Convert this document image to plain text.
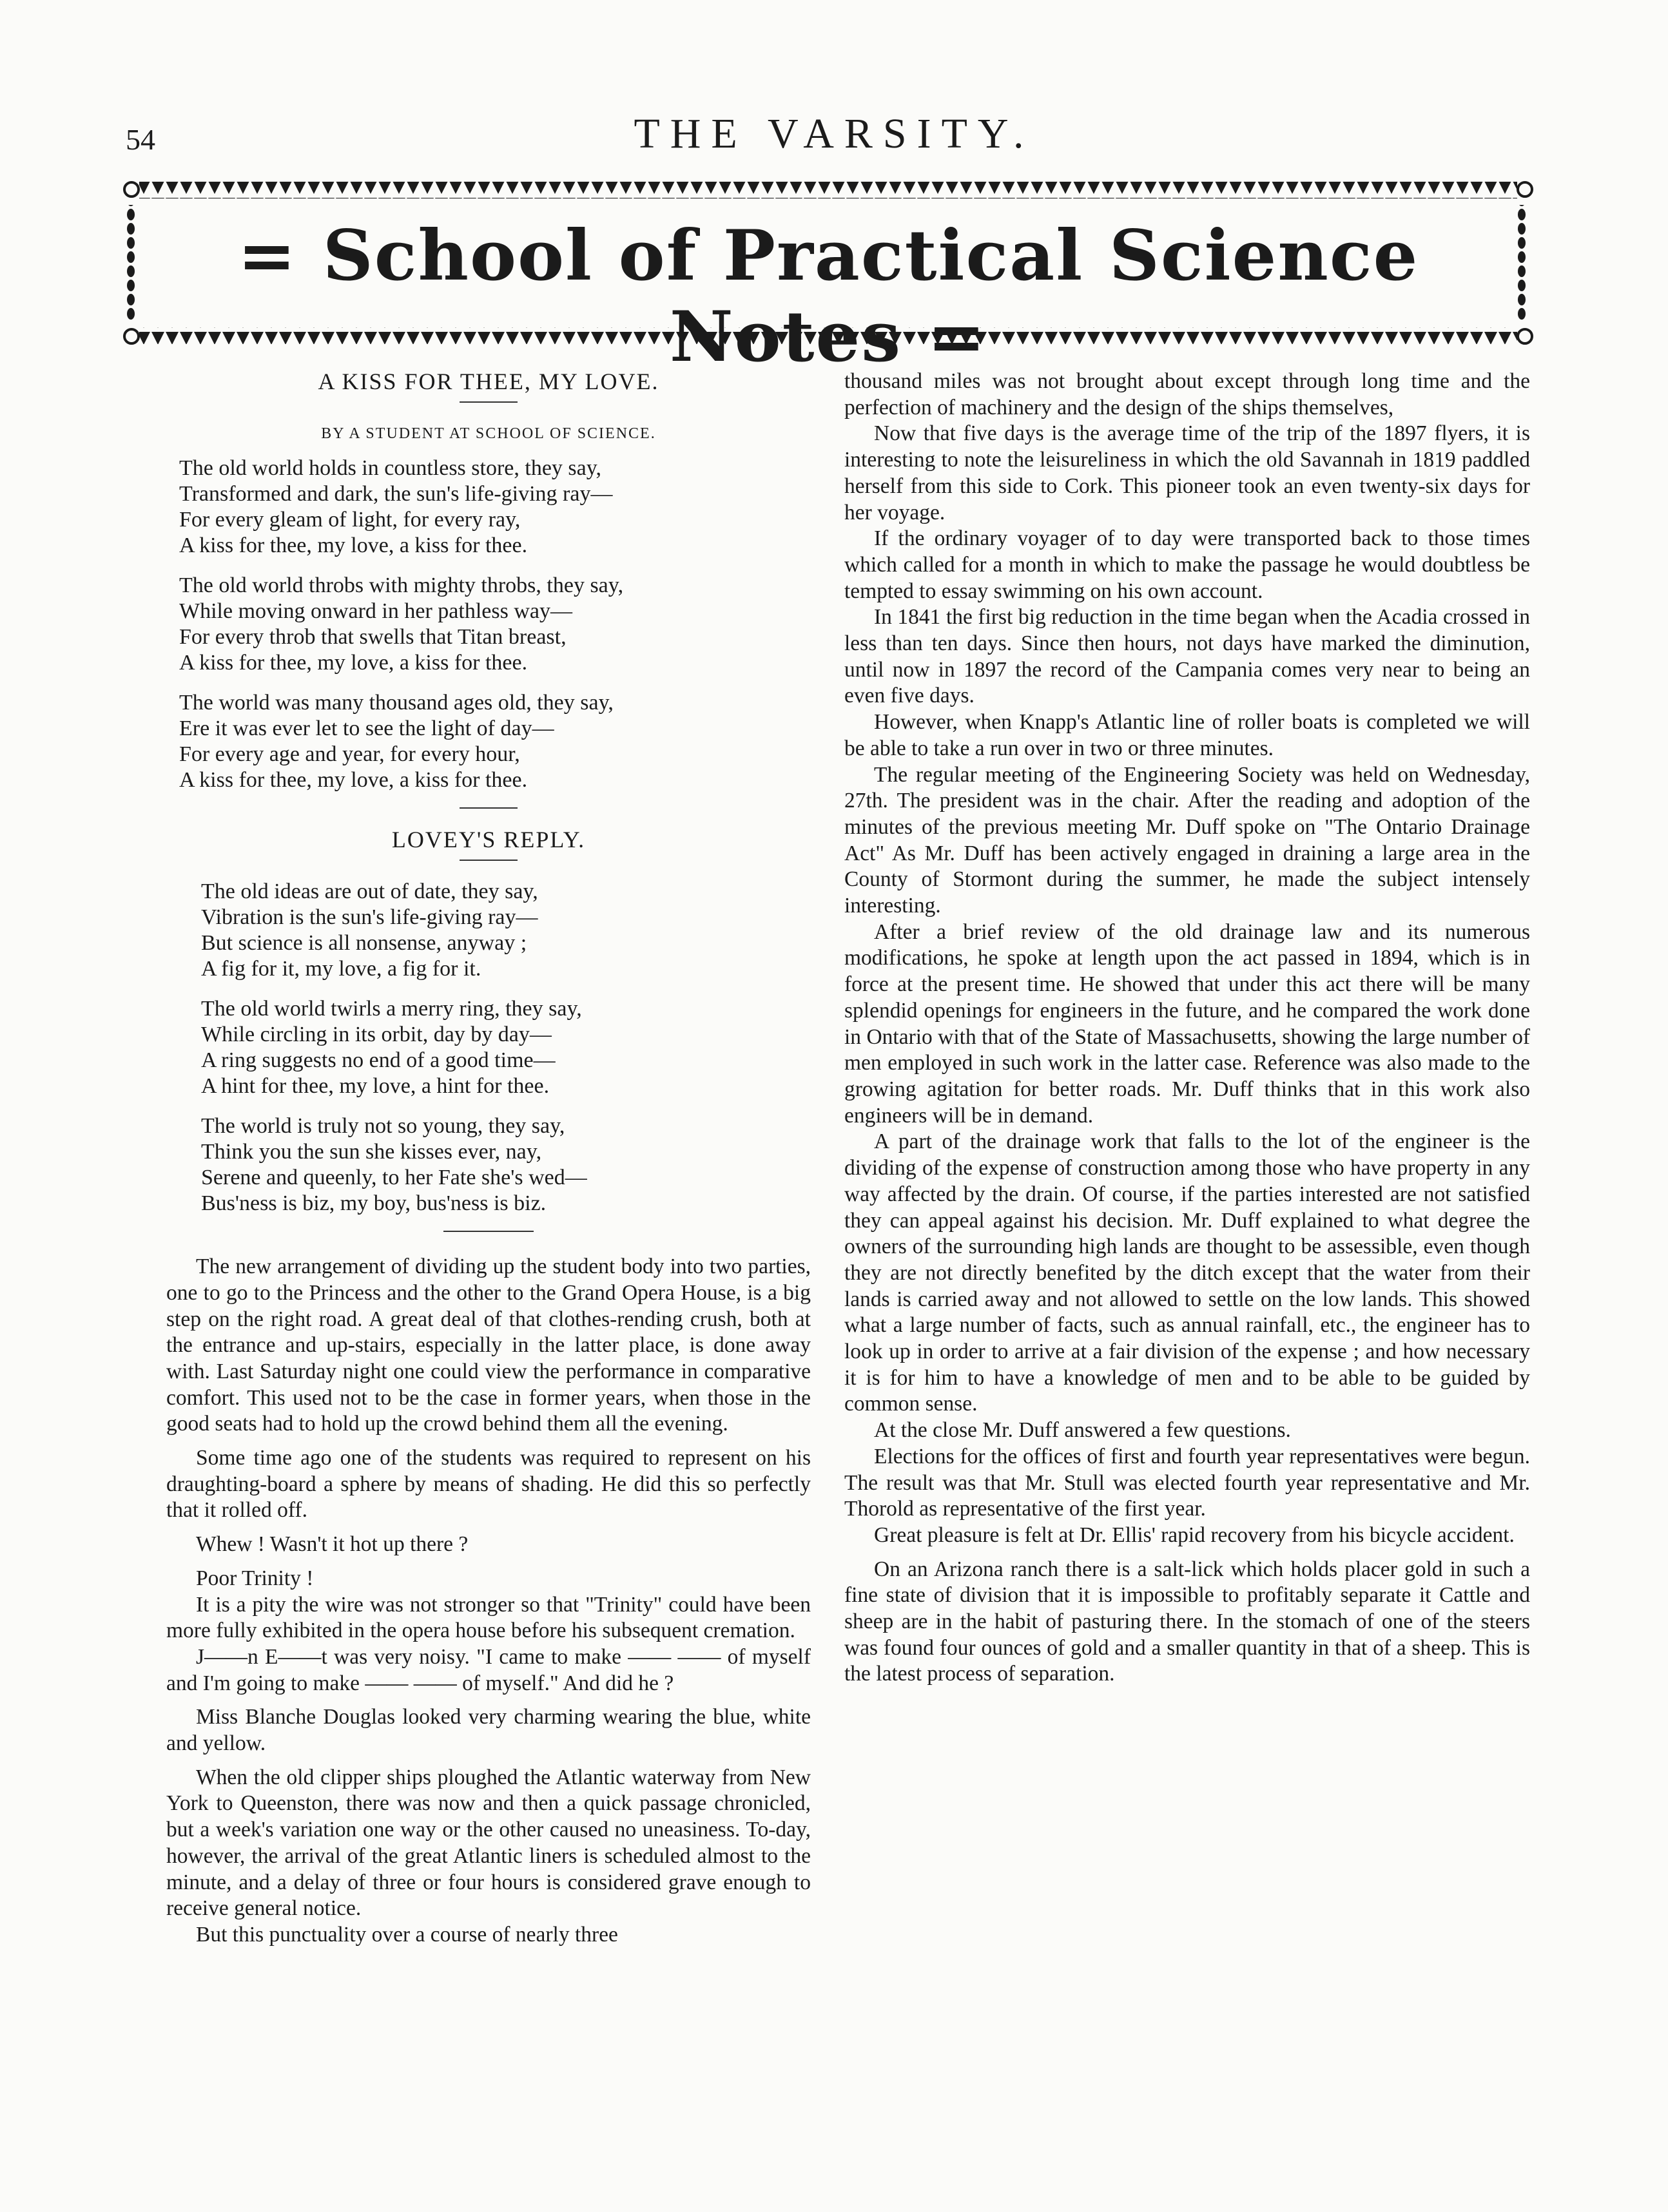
54	THE VARSITY.
= School of Practical Science Notes =
A KISS FOR THEE, MY LOVE.
BY A STUDENT AT SCHOOL OF SCIENCE.
The old world holds in countless store, they say,
Transformed and dark, the sun's life-giving ray—
For every gleam of light, for every ray,
A kiss for thee, my love, a kiss for thee.
The old world throbs with mighty throbs, they say,
While moving onward in her pathless way—
For every throb that swells that Titan breast,
A kiss for thee, my love, a kiss for thee.
The world was many thousand ages old, they say,
Ere it was ever let to see the light of day—
For every age and year, for every hour,
A kiss for thee, my love, a kiss for thee.
LOVEY'S REPLY.
The old ideas are out of date, they say,
Vibration is the sun's life-giving ray—
But science is all nonsense, anyway ;
A fig for it, my love, a fig for it.
The old world twirls a merry ring, they say,
While circling in its orbit, day by day—
A ring suggests no end of a good time—
A hint for thee, my love, a hint for thee.
The world is truly not so young, they say,
Think you the sun she kisses ever, nay,
Serene and queenly, to her Fate she's wed—
Bus'ness is biz, my boy, bus'ness is biz.

The new arrangement of dividing up the student body into two parties, one to go to the Princess and the other to the Grand Opera House, is a big step on the right road. A great deal of that clothes-rending crush, both at the entrance and up-stairs, especially in the latter place, is done away with. Last Saturday night one could view the performance in comparative comfort. This used not to be the case in former years, when those in the good seats had to hold up the crowd behind them all the evening.

Some time ago one of the students was required to represent on his draughting-board a sphere by means of shading. He did this so perfectly that it rolled off.

Whew ! Wasn't it hot up there ?

Poor Trinity !

It is a pity the wire was not stronger so that "Trinity" could have been more fully exhibited in the opera house before his subsequent cremation.

J——n E——t was very noisy. "I came to make —— —— of myself and I'm going to make —— —— of myself." And did he ?

Miss Blanche Douglas looked very charming wearing the blue, white and yellow.

When the old clipper ships ploughed the Atlantic waterway from New York to Queenston, there was now and then a quick passage chronicled, but a week's variation one way or the other caused no uneasiness. To-day, however, the arrival of the great Atlantic liners is scheduled almost to the minute, and a delay of three or four hours is considered grave enough to receive general notice.

But this punctuality over a course of nearly three

thousand miles was not brought about except through long time and the perfection of machinery and the design of the ships themselves,

Now that five days is the average time of the trip of the 1897 flyers, it is interesting to note the leisureliness in which the old Savannah in 1819 paddled herself from this side to Cork. This pioneer took an even twenty-six days for her voyage.

If the ordinary voyager of to day were transported back to those times which called for a month in which to make the passage he would doubtless be tempted to essay swimming on his own account.

In 1841 the first big reduction in the time began when the Acadia crossed in less than ten days. Since then hours, not days have marked the diminution, until now in 1897 the record of the Campania comes very near to being an even five days.

However, when Knapp's Atlantic line of roller boats is completed we will be able to take a run over in two or three minutes.

The regular meeting of the Engineering Society was held on Wednesday, 27th. The president was in the chair. After the reading and adoption of the minutes of the previous meeting Mr. Duff spoke on "The Ontario Drainage Act" As Mr. Duff has been actively engaged in draining a large area in the County of Stormont during the summer, he made the subject intensely interesting.

After a brief review of the old drainage law and its numerous modifications, he spoke at length upon the act passed in 1894, which is in force at the present time. He showed that under this act there will be many splendid openings for engineers in the future, and he compared the work done in Ontario with that of the State of Massachusetts, showing the large number of men employed in such work in the latter case. Reference was also made to the growing agitation for better roads. Mr. Duff thinks that in this work also engineers will be in demand.

A part of the drainage work that falls to the lot of the engineer is the dividing of the expense of construction among those who have property in any way affected by the drain. Of course, if the parties interested are not satisfied they can appeal against his decision. Mr. Duff explained to what degree the owners of the surrounding high lands are thought to be assessible, even though they are not directly benefited by the ditch except that the water from their lands is carried away and not allowed to settle on the low lands. This showed what a large number of facts, such as annual rainfall, etc., the engineer has to look up in order to arrive at a fair division of the expense ; and how necessary it is for him to have a knowledge of men and to be able to be guided by common sense.

At the close Mr. Duff answered a few questions.

Elections for the offices of first and fourth year representatives were begun. The result was that Mr. Stull was elected fourth year representative and Mr. Thorold as representative of the first year.

Great pleasure is felt at Dr. Ellis' rapid recovery from his bicycle accident.

On an Arizona ranch there is a salt-lick which holds placer gold in such a fine state of division that it is impossible to profitably separate it Cattle and sheep are in the habit of pasturing there. In the stomach of one of the steers was found four ounces of gold and a smaller quantity in that of a sheep. This is the latest process of separation.
